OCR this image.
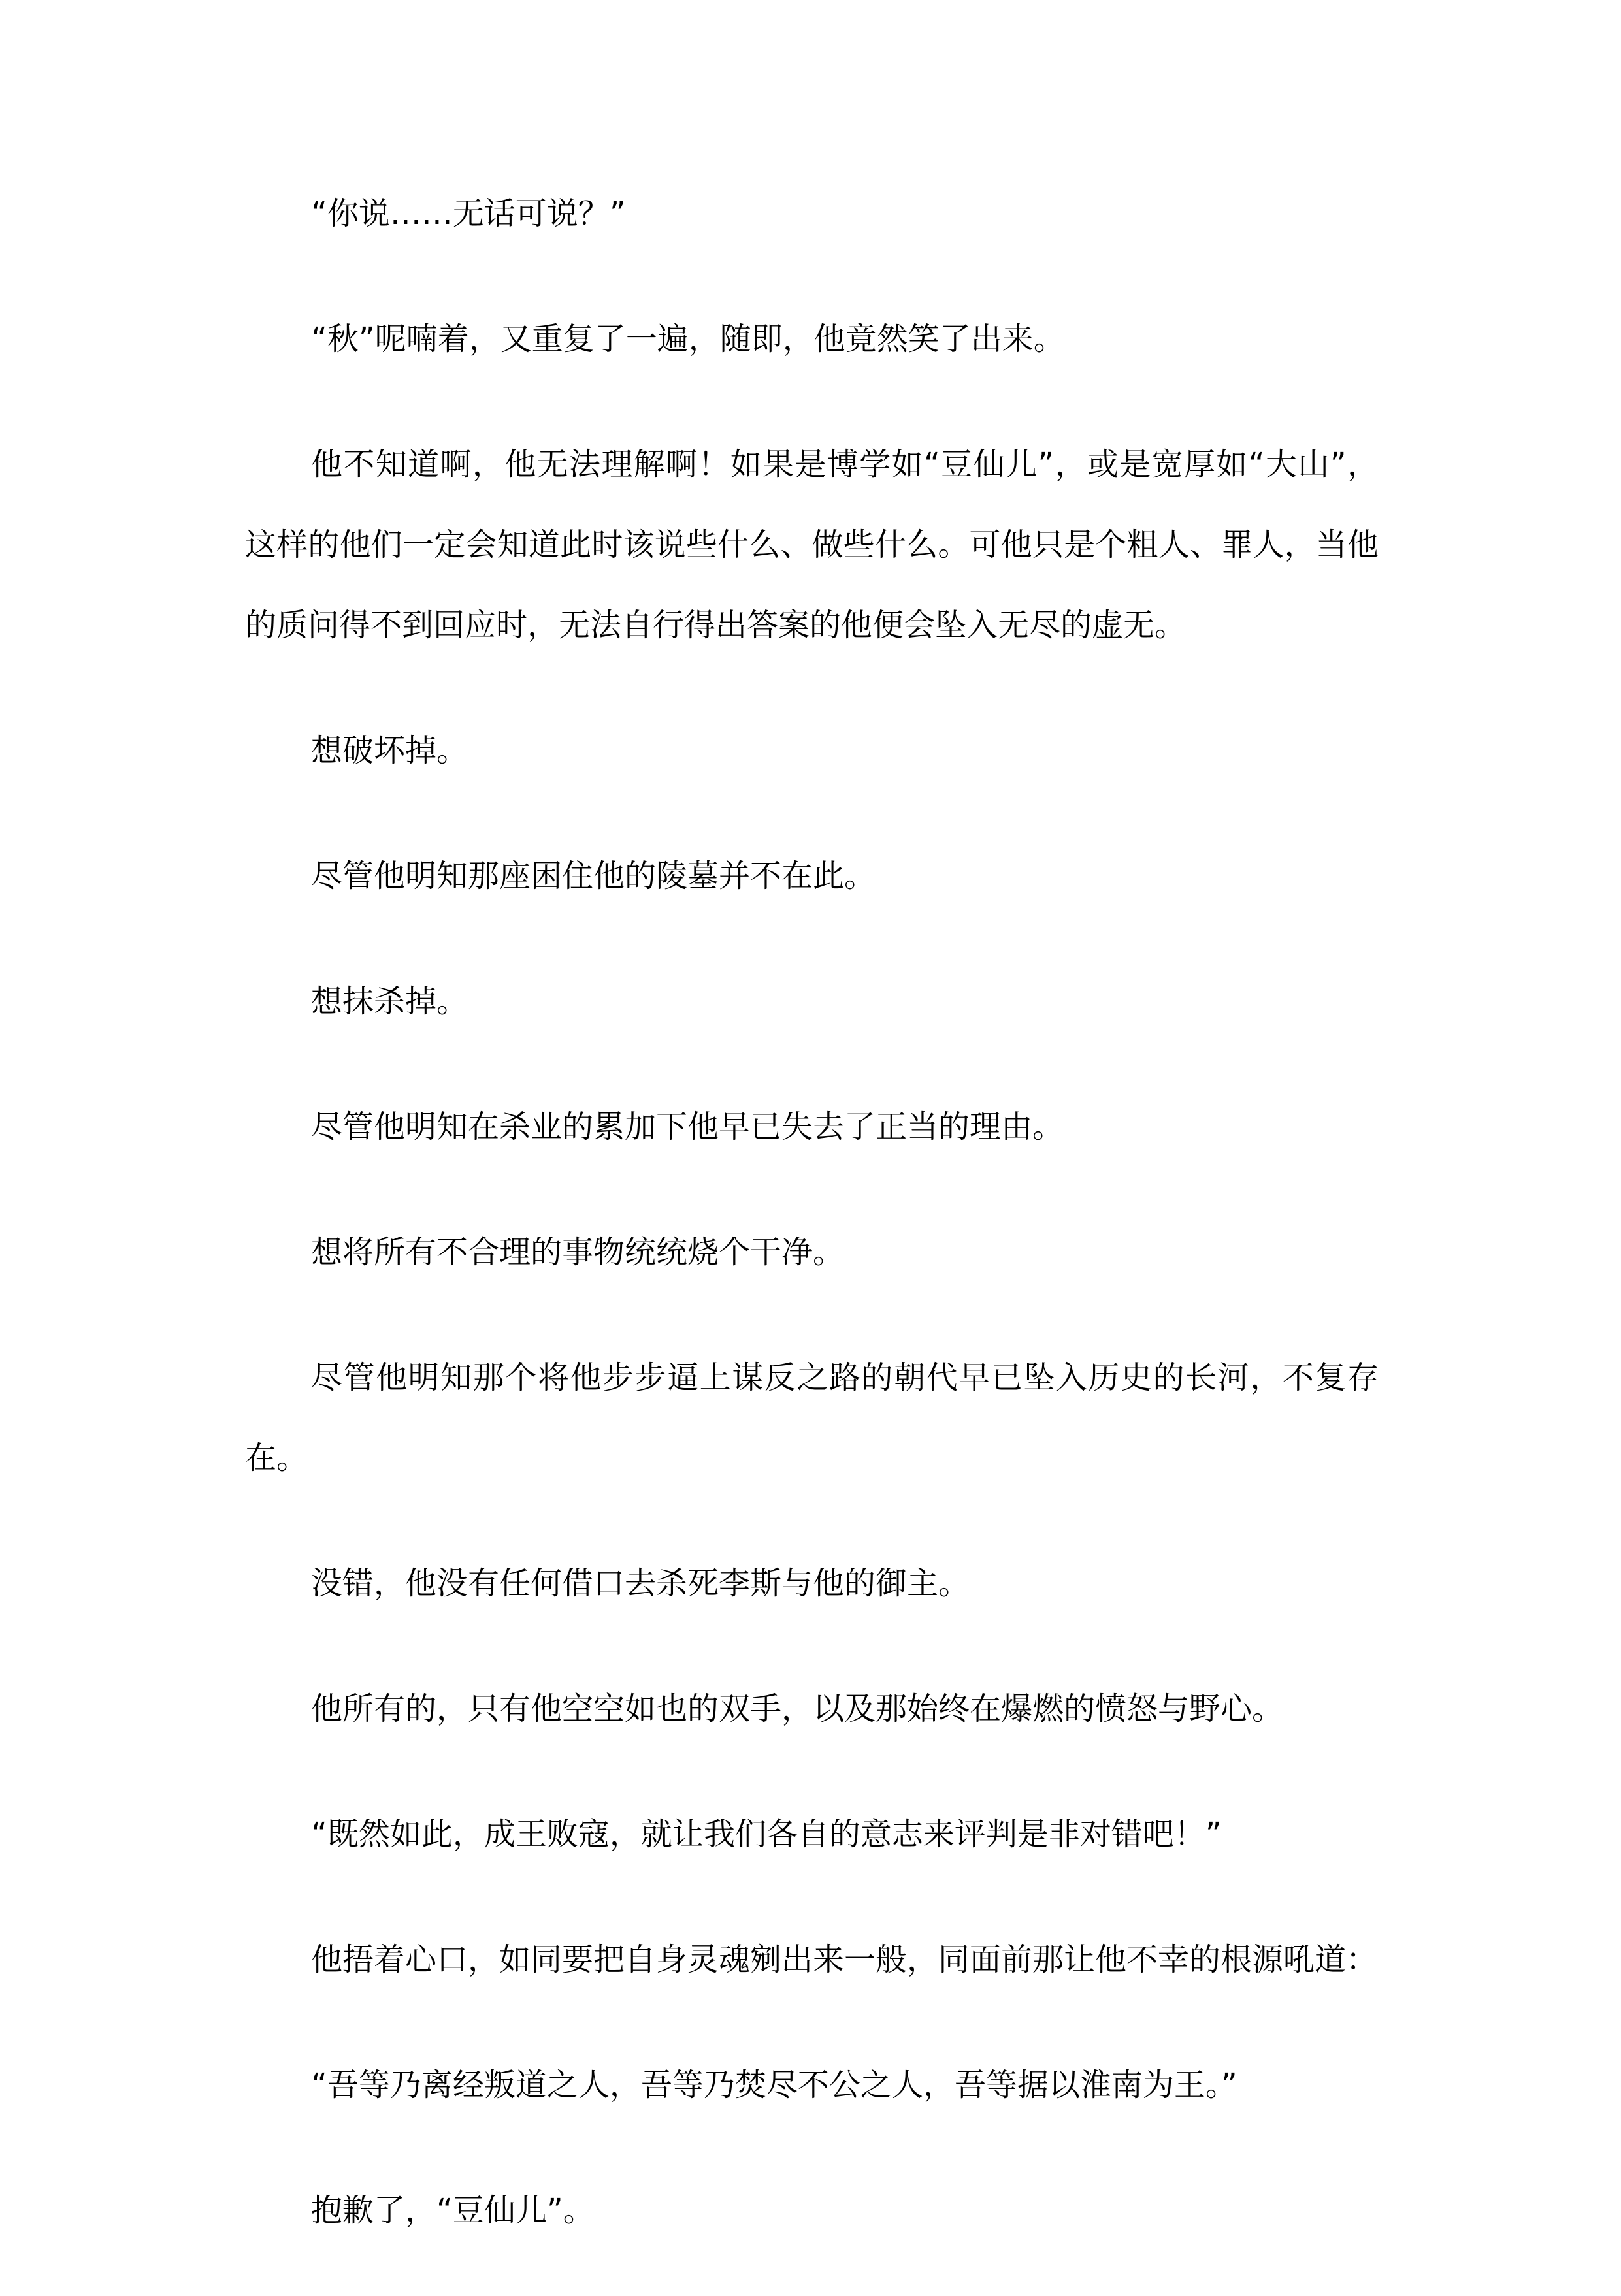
“你说……无话可说？”

“秋”呢喃着，又重复了一遍，随即，他竟然笑了出来。

他不知道啊，他无法理解啊！如果是博学如“豆仙儿”，或是宽厚如“大山”，这样的他们一定会知道此时该说些什么、做些什么。可他只是个粗人、罪人，当他的质问得不到回应时，无法自行得出答案的他便会坠入无尽的虚无。

想破坏掉。

尽管他明知那座困住他的陵墓并不在此。

想抹杀掉。

尽管他明知在杀业的累加下他早已失去了正当的理由。

想将所有不合理的事物统统烧个干净。

尽管他明知那个将他步步逼上谋反之路的朝代早已坠入历史的长河，不复存在。

没错，他没有任何借口去杀死李斯与他的御主。

他所有的，只有他空空如也的双手，以及那始终在爆燃的愤怒与野心。

“既然如此，成王败寇，就让我们各自的意志来评判是非对错吧！”

他捂着心口，如同要把自身灵魂剜出来一般，同面前那让他不幸的根源吼道：

“吾等乃离经叛道之人，吾等乃焚尽不公之人，吾等据以淮南为王。”

抱歉了，“豆仙儿”。
